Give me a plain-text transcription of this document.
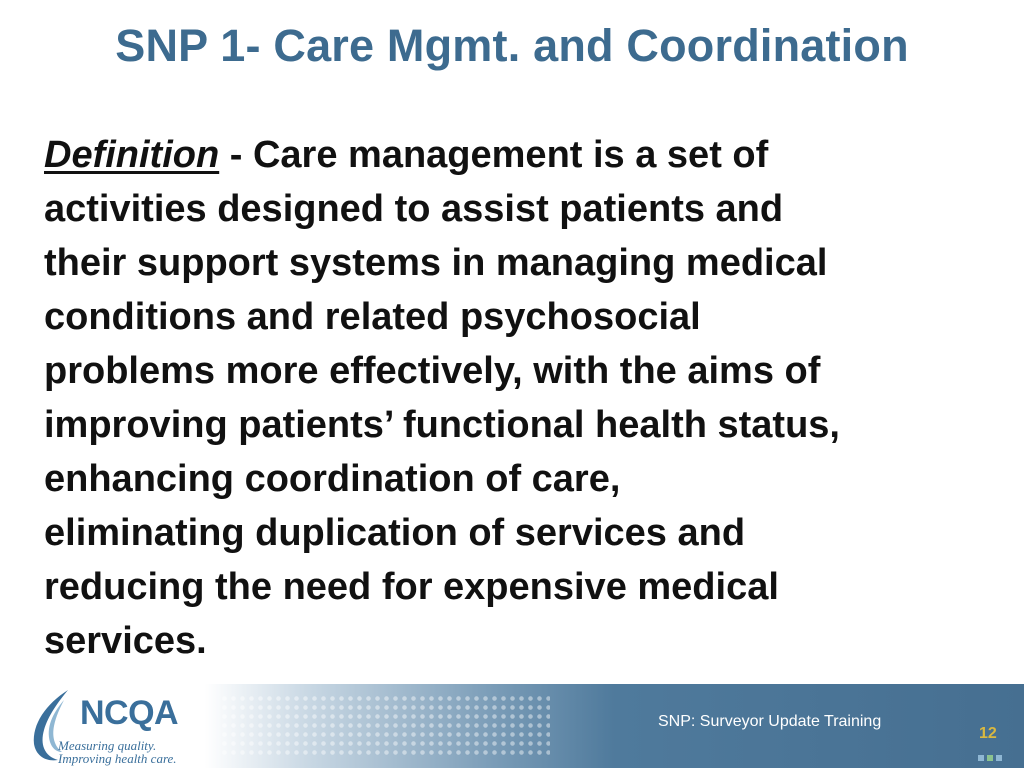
SNP 1- Care Mgmt. and Coordination
Definition - Care management is a set of
activities designed to assist patients and
their support systems in managing medical
conditions and related psychosocial
problems more effectively, with the aims of
improving patients’ functional health status,
enhancing coordination of care,
eliminating duplication of services and
reducing the need for expensive medical
services.
NCQA
Measuring quality.
Improving health care.
SNP: Surveyor Update Training
12
